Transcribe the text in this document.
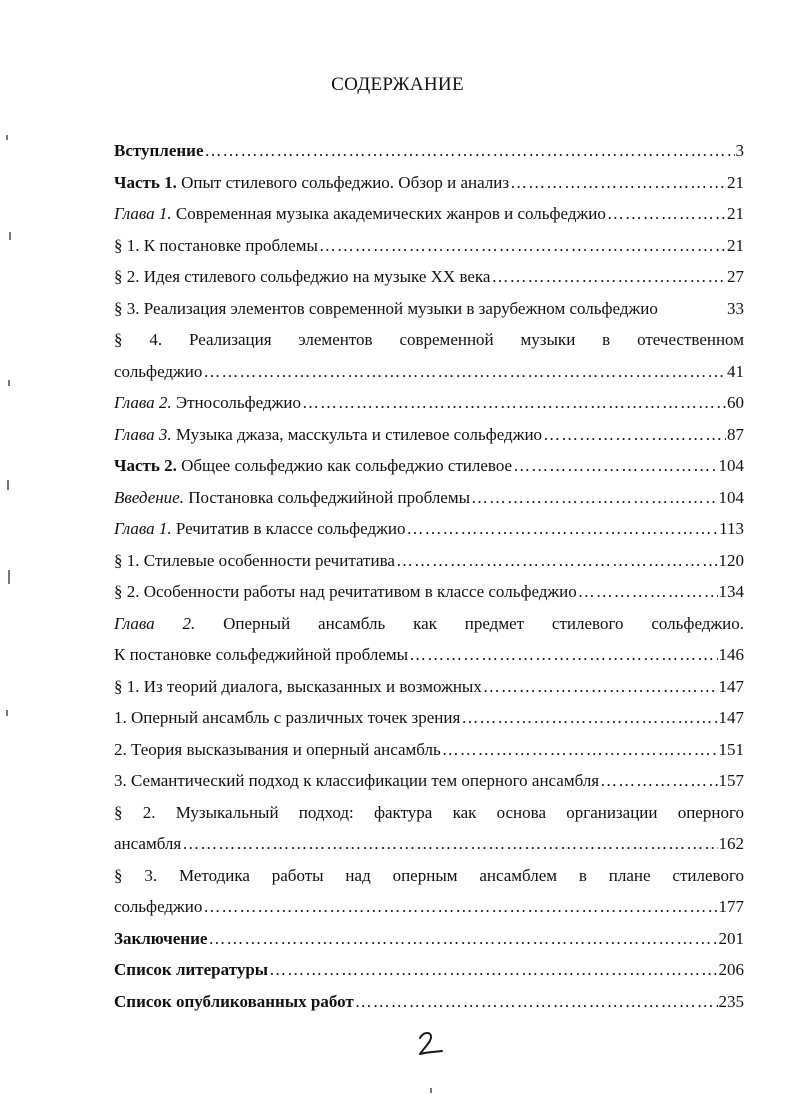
СОДЕРЖАНИЕ
Вступление ……………………………………………………………………………………………………………………………………………………………………	3
Часть 1. Опыт стилевого сольфеджио. Обзор и анализ ……………………………………………………………………………………………………………………………………………………………………	21
Глава 1. Современная музыка академических жанров и сольфеджио ……………………………………………………………………………………………………………………………………………………………………	21
§ 1. К постановке проблемы ……………………………………………………………………………………………………………………………………………………………………	21
§ 2. Идея стилевого сольфеджио на музыке XX века ……………………………………………………………………………………………………………………………………………………………………	27
§ 3. Реализация элементов современной музыки в зарубежном сольфеджио	33
§ 4. Реализация элементов современной музыки в отечественном
сольфеджио ……………………………………………………………………………………………………………………………………………………………………	41
Глава 2. Этносольфеджио ……………………………………………………………………………………………………………………………………………………………………	60
Глава 3. Музыка джаза, масскульта и стилевое сольфеджио ……………………………………………………………………………………………………………………………………………………………………	87
Часть 2. Общее сольфеджио как сольфеджио стилевое ……………………………………………………………………………………………………………………………………………………………………	104
Введение. Постановка сольфеджийной проблемы ……………………………………………………………………………………………………………………………………………………………………	104
Глава 1. Речитатив в классе сольфеджио ……………………………………………………………………………………………………………………………………………………………………	113
§ 1. Стилевые особенности речитатива ……………………………………………………………………………………………………………………………………………………………………	120
§ 2. Особенности работы над речитативом в классе сольфеджио ……………………………………………………………………………………………………………………………………………………………………	134
Глава 2. Оперный ансамбль как предмет стилевого сольфеджио.
К постановке сольфеджийной проблемы ……………………………………………………………………………………………………………………………………………………………………	146
§ 1. Из теорий диалога, высказанных и возможных ……………………………………………………………………………………………………………………………………………………………………	147
1. Оперный ансамбль с различных точек зрения ……………………………………………………………………………………………………………………………………………………………………	147
2. Теория высказывания и оперный ансамбль ……………………………………………………………………………………………………………………………………………………………………	151
3. Семантический подход к классификации тем оперного ансамбля ……………………………………………………………………………………………………………………………………………………………………	157
§ 2. Музыкальный подход: фактура как основа организации оперного
ансамбля ……………………………………………………………………………………………………………………………………………………………………	162
§ 3. Методика работы над оперным ансамблем в плане стилевого
сольфеджио ……………………………………………………………………………………………………………………………………………………………………	177
Заключение ……………………………………………………………………………………………………………………………………………………………………	201
Список литературы ……………………………………………………………………………………………………………………………………………………………………	206
Список опубликованных работ ……………………………………………………………………………………………………………………………………………………………………	235
